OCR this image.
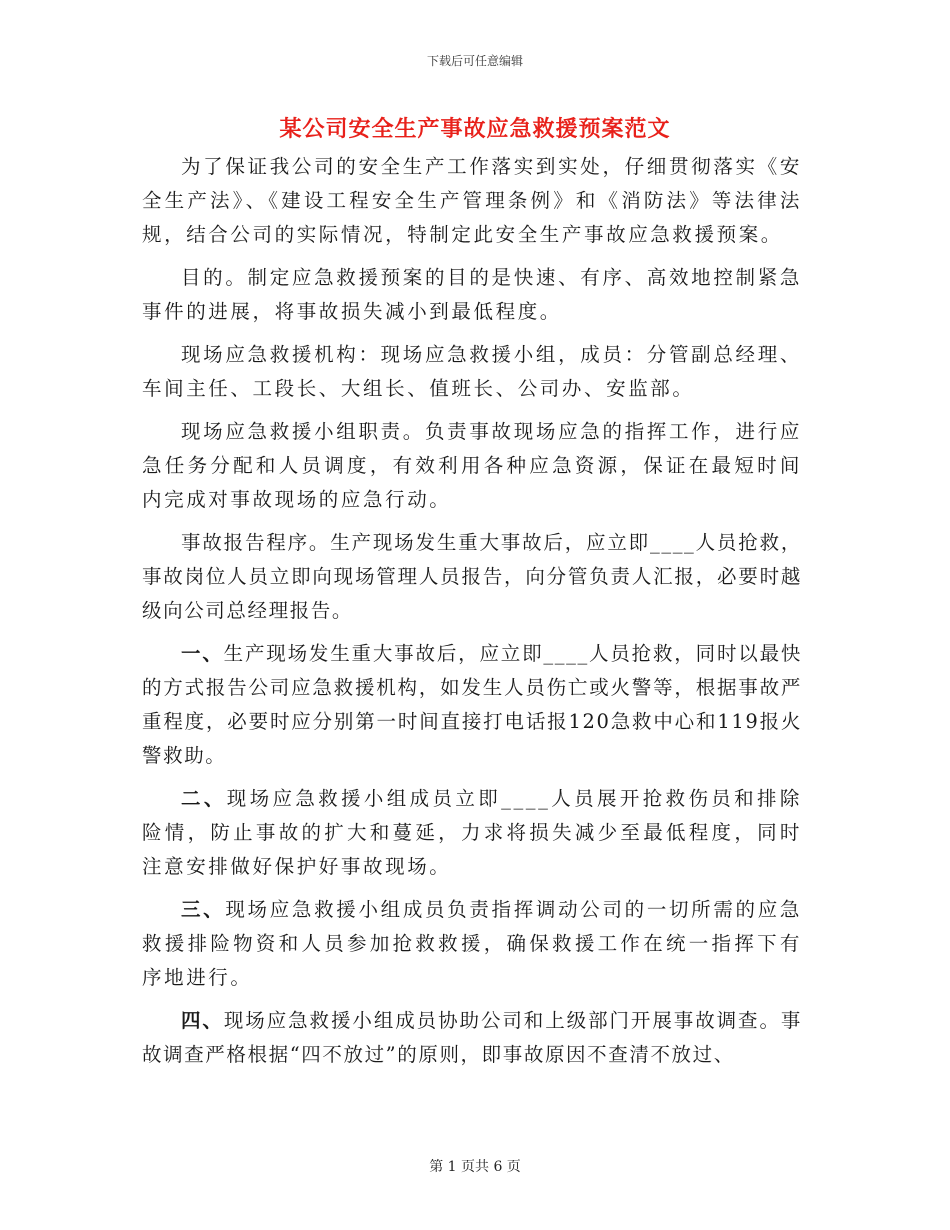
下载后可任意编辑
某公司安全生产事故应急救援预案范文

为了保证我公司的安全生产工作落实到实处，仔细贯彻落实《安全生产法》、《建设工程安全生产管理条例》和《消防法》等法律法规，结合公司的实际情况，特制定此安全生产事故应急救援预案。

目的。制定应急救援预案的目的是快速、有序、高效地控制紧急事件的进展，将事故损失减小到最低程度。

现场应急救援机构：现场应急救援小组，成员：分管副总经理、车间主任、工段长、大组长、值班长、公司办、安监部。

现场应急救援小组职责。负责事故现场应急的指挥工作，进行应急任务分配和人员调度，有效利用各种应急资源，保证在最短时间内完成对事故现场的应急行动。

事故报告程序。生产现场发生重大事故后，应立即____人员抢救，事故岗位人员立即向现场管理人员报告，向分管负责人汇报，必要时越级向公司总经理报告。

一、生产现场发生重大事故后，应立即____人员抢救，同时以最快的方式报告公司应急救援机构，如发生人员伤亡或火警等，根据事故严重程度，必要时应分别第一时间直接打电话报120急救中心和119报火警救助。

二、现场应急救援小组成员立即____人员展开抢救伤员和排除险情，防止事故的扩大和蔓延，力求将损失减少至最低程度，同时注意安排做好保护好事故现场。

三、现场应急救援小组成员负责指挥调动公司的一切所需的应急救援排险物资和人员参加抢救救援，确保救援工作在统一指挥下有序地进行。

四、现场应急救援小组成员协助公司和上级部门开展事故调查。事故调查严格根据“四不放过”的原则，即事故原因不查清不放过、

第 1 页共 6 页
